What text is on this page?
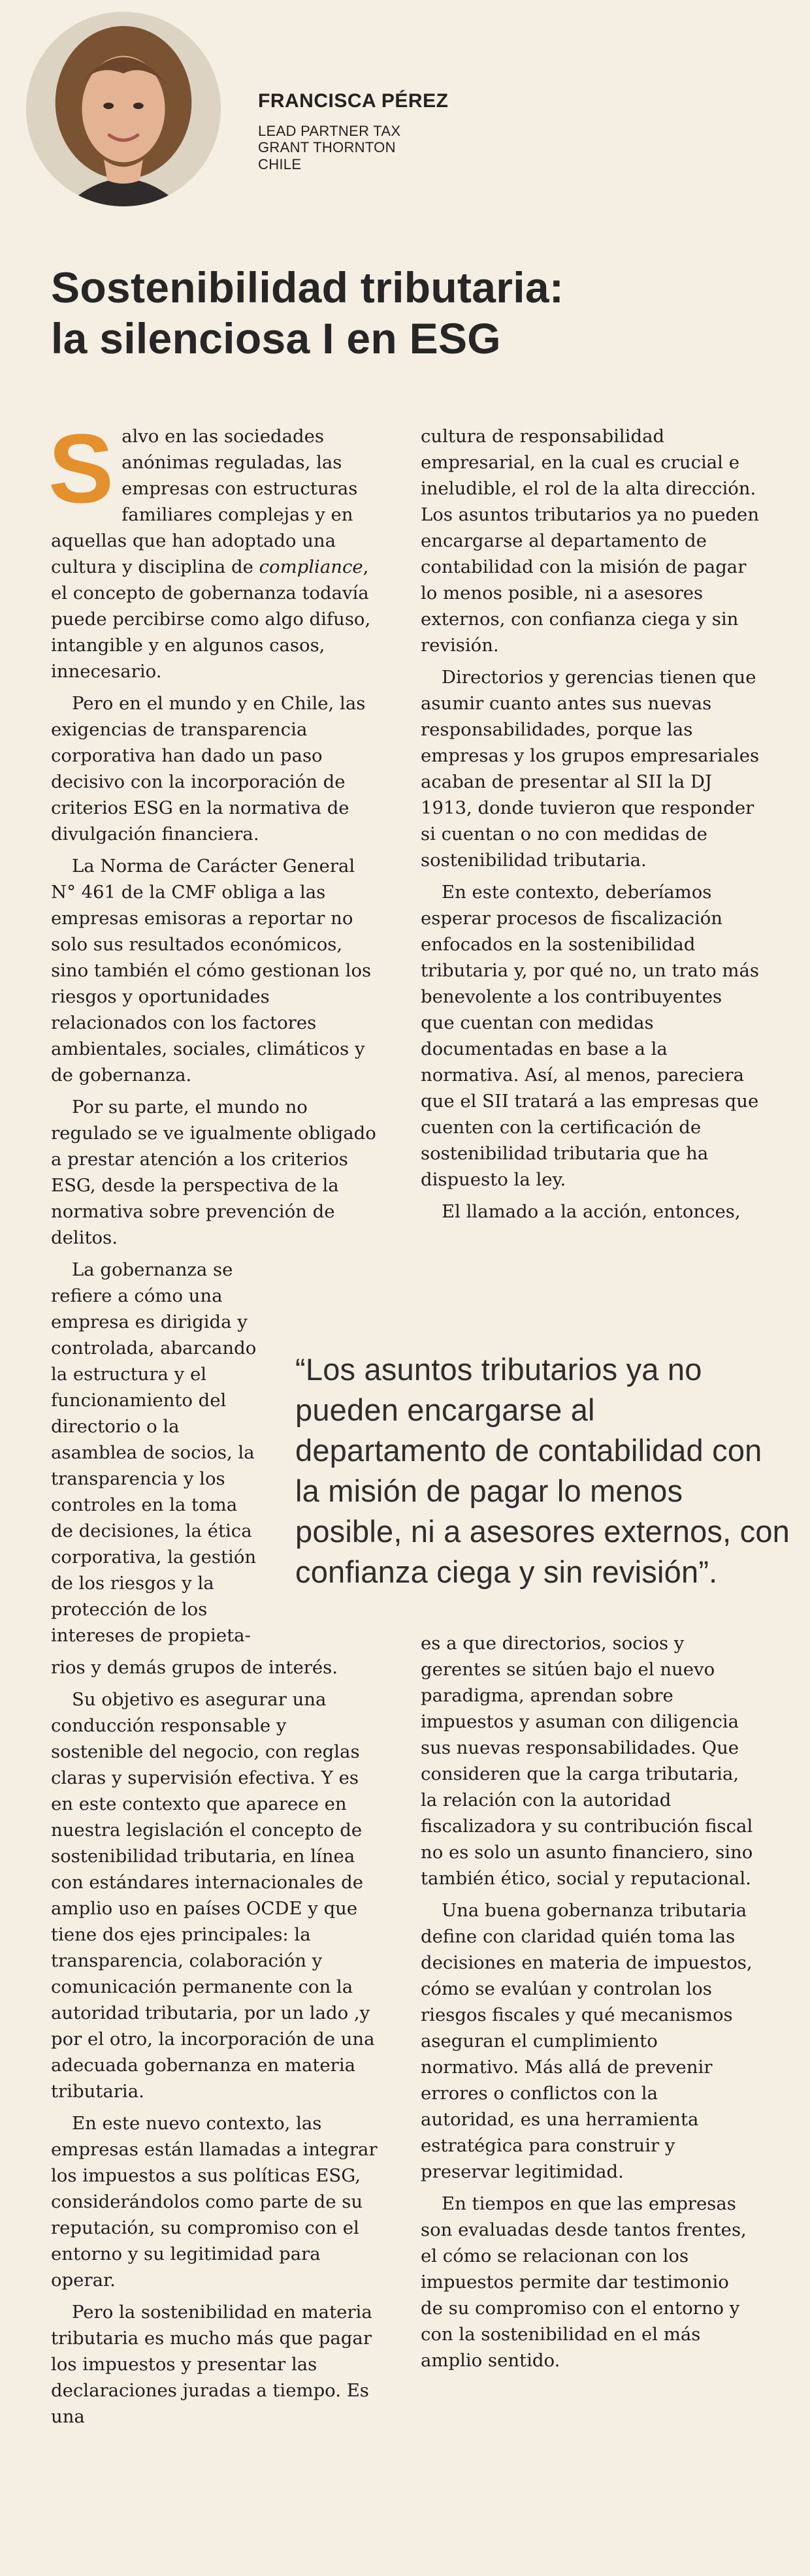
FRANCISCA PÉREZ

LEAD PARTNER TAX

GRANT THORNTON

CHILE

Sostenibilidad tributaria:
la silenciosa I en ESG

Salvo en las sociedades anónimas reguladas, las empresas con estructuras familiares complejas y en aquellas que han adoptado una cultura y disciplina de compliance, el concepto de gobernanza todavía puede percibirse como algo difuso, intangible y en algunos casos, innecesario.

Pero en el mundo y en Chile, las exigencias de transparencia corporativa han dado un paso decisivo con la incorporación de criterios ESG en la normativa de divulgación financiera.

La Norma de Carácter General N° 461 de la CMF obliga a las empresas emisoras a reportar no solo sus resultados económicos, sino también el cómo gestionan los riesgos y oportunidades relacionados con los factores ambientales, sociales, climáticos y de gobernanza.

Por su parte, el mundo no regulado se ve igualmente obligado a prestar atención a los criterios ESG, desde la perspectiva de la normativa sobre prevención de delitos.

La gobernanza se refiere a cómo una empresa es dirigida y controlada, abarcando la estructura y el funcionamiento del directorio o la asamblea de socios, la transparencia y los controles en la toma de decisiones, la ética corporativa, la gestión de los riesgos y la protección de los intereses de propieta-

rios y demás grupos de interés.

Su objetivo es asegurar una conducción responsable y sostenible del negocio, con reglas claras y supervisión efectiva. Y es en este contexto que aparece en nuestra legislación el concepto de sostenibilidad tributaria, en línea con estándares internacionales de amplio uso en países OCDE y que tiene dos ejes principales: la transparencia, colaboración y comunicación permanente con la autoridad tributaria, por un lado ,y por el otro, la incorporación de una adecuada gobernanza en materia tributaria.

En este nuevo contexto, las empresas están llamadas a integrar los impuestos a sus políticas ESG, considerándolos como parte de su reputación, su compromiso con el entorno y su legitimidad para operar.

Pero la sostenibilidad en materia tributaria es mucho más que pagar los impuestos y presentar las declaraciones juradas a tiempo. Es una

cultura de responsabilidad empresarial, en la cual es crucial e ineludible, el rol de la alta dirección. Los asuntos tributarios ya no pueden encargarse al departamento de contabilidad con la misión de pagar lo menos posible, ni a asesores externos, con confianza ciega y sin revisión.

Directorios y gerencias tienen que asumir cuanto antes sus nuevas responsabilidades, porque las empresas y los grupos empresariales acaban de presentar al SII la DJ 1913, donde tuvieron que responder si cuentan o no con medidas de sostenibilidad tributaria.

En este contexto, deberíamos esperar procesos de fiscalización enfocados en la sostenibilidad tributaria y, por qué no, un trato más benevolente a los contribuyentes que cuentan con medidas documentadas en base a la normativa. Así, al menos, pareciera que el SII tratará a las empresas que cuenten con la certificación de sostenibilidad tributaria que ha dispuesto la ley.

El llamado a la acción, entonces,

“Los asuntos tributarios ya no pueden encargarse al departamento de contabilidad con la misión de pagar lo menos posible, ni a asesores externos, con confianza ciega y sin revisión”.

es a que directorios, socios y gerentes se sitúen bajo el nuevo paradigma, aprendan sobre impuestos y asuman con diligencia sus nuevas responsabilidades. Que consideren que la carga tributaria, la relación con la autoridad fiscalizadora y su contribución fiscal no es solo un asunto financiero, sino también ético, social y reputacional.

Una buena gobernanza tributaria define con claridad quién toma las decisiones en materia de impuestos, cómo se evalúan y controlan los riesgos fiscales y qué mecanismos aseguran el cumplimiento normativo. Más allá de prevenir errores o conflictos con la autoridad, es una herramienta estratégica para construir y preservar legitimidad.

En tiempos en que las empresas son evaluadas desde tantos frentes, el cómo se relacionan con los impuestos permite dar testimonio de su compromiso con el entorno y con la sostenibilidad en el más amplio sentido.
